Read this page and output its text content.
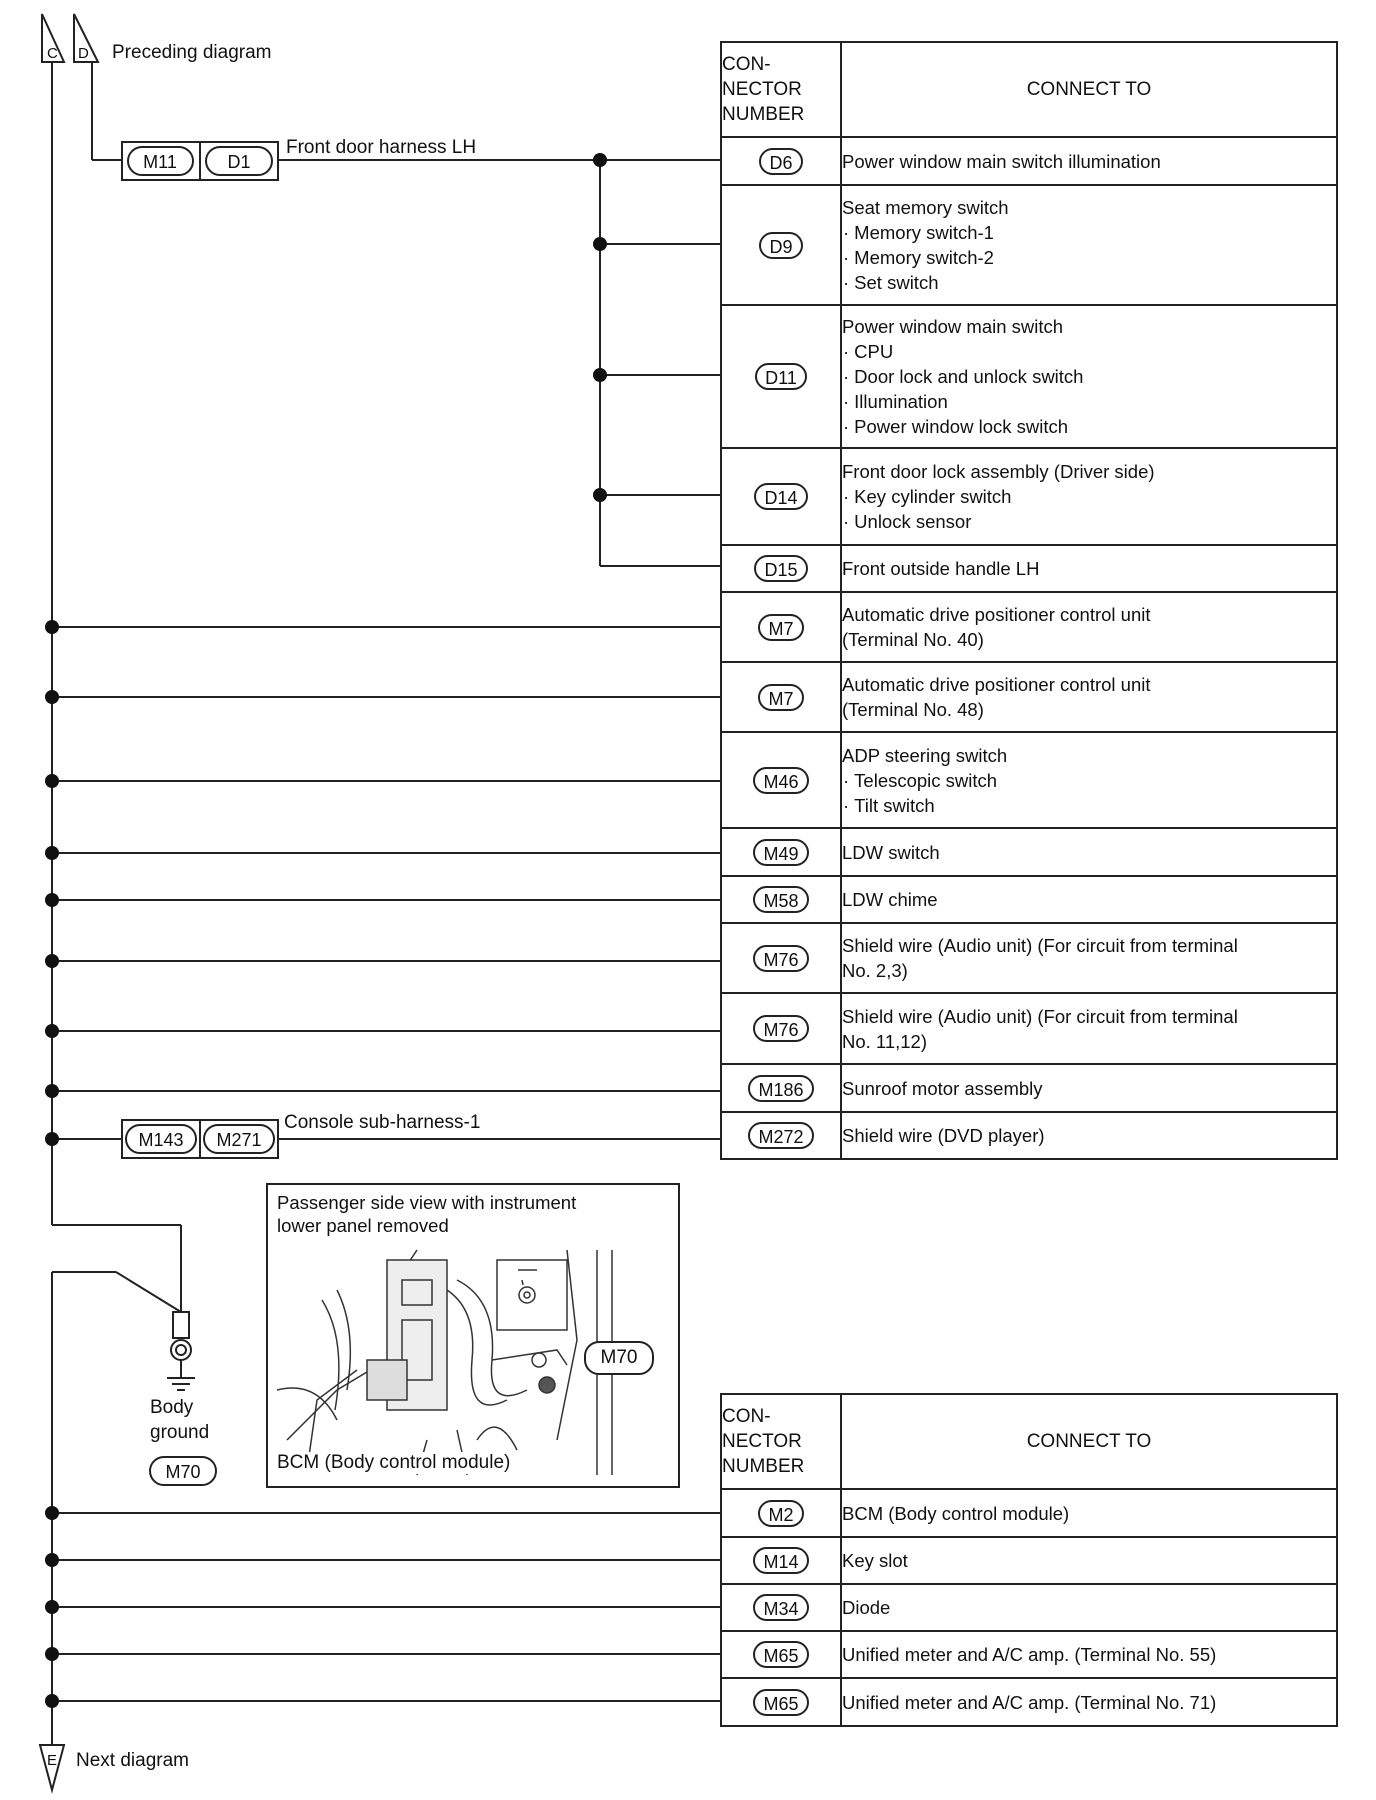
C D
E
M11	D1
M143 M271
M70
Preceding diagram
Front door harness LH
Console sub-harness-1
Next diagram
Body
ground
Passenger side view with instrument
lower panel removed
M70
BCM (Body control module)
CON-
NECTOR
NUMBER	CONNECT TO
D6	Power window main switch illumination

D9	Seat memory switch
· Memory switch-1
· Memory switch-2
· Set switch

D11	Power window main switch
· CPU
· Door lock and unlock switch
· Illumination
· Power window lock switch

D14	Front door lock assembly (Driver side)
· Key cylinder switch
· Unlock sensor

D15	Front outside handle LH

M7	Automatic drive positioner control unit
(Terminal No. 40)

M7	Automatic drive positioner control unit
(Terminal No. 48)

M46	ADP steering switch
· Telescopic switch
· Tilt switch

M49	LDW switch

M58	LDW chime

M76	Shield wire (Audio unit) (For circuit from terminal
No. 2,3)

M76	Shield wire (Audio unit) (For circuit from terminal
No. 11,12)

M186	Sunroof motor assembly

M272	Shield wire (DVD player)
CON-
NECTOR
NUMBER	CONNECT TO
M2	BCM (Body control module)

M14	Key slot

M34	Diode

M65	Unified meter and A/C amp. (Terminal No. 55)

M65	Unified meter and A/C amp. (Terminal No. 71)
